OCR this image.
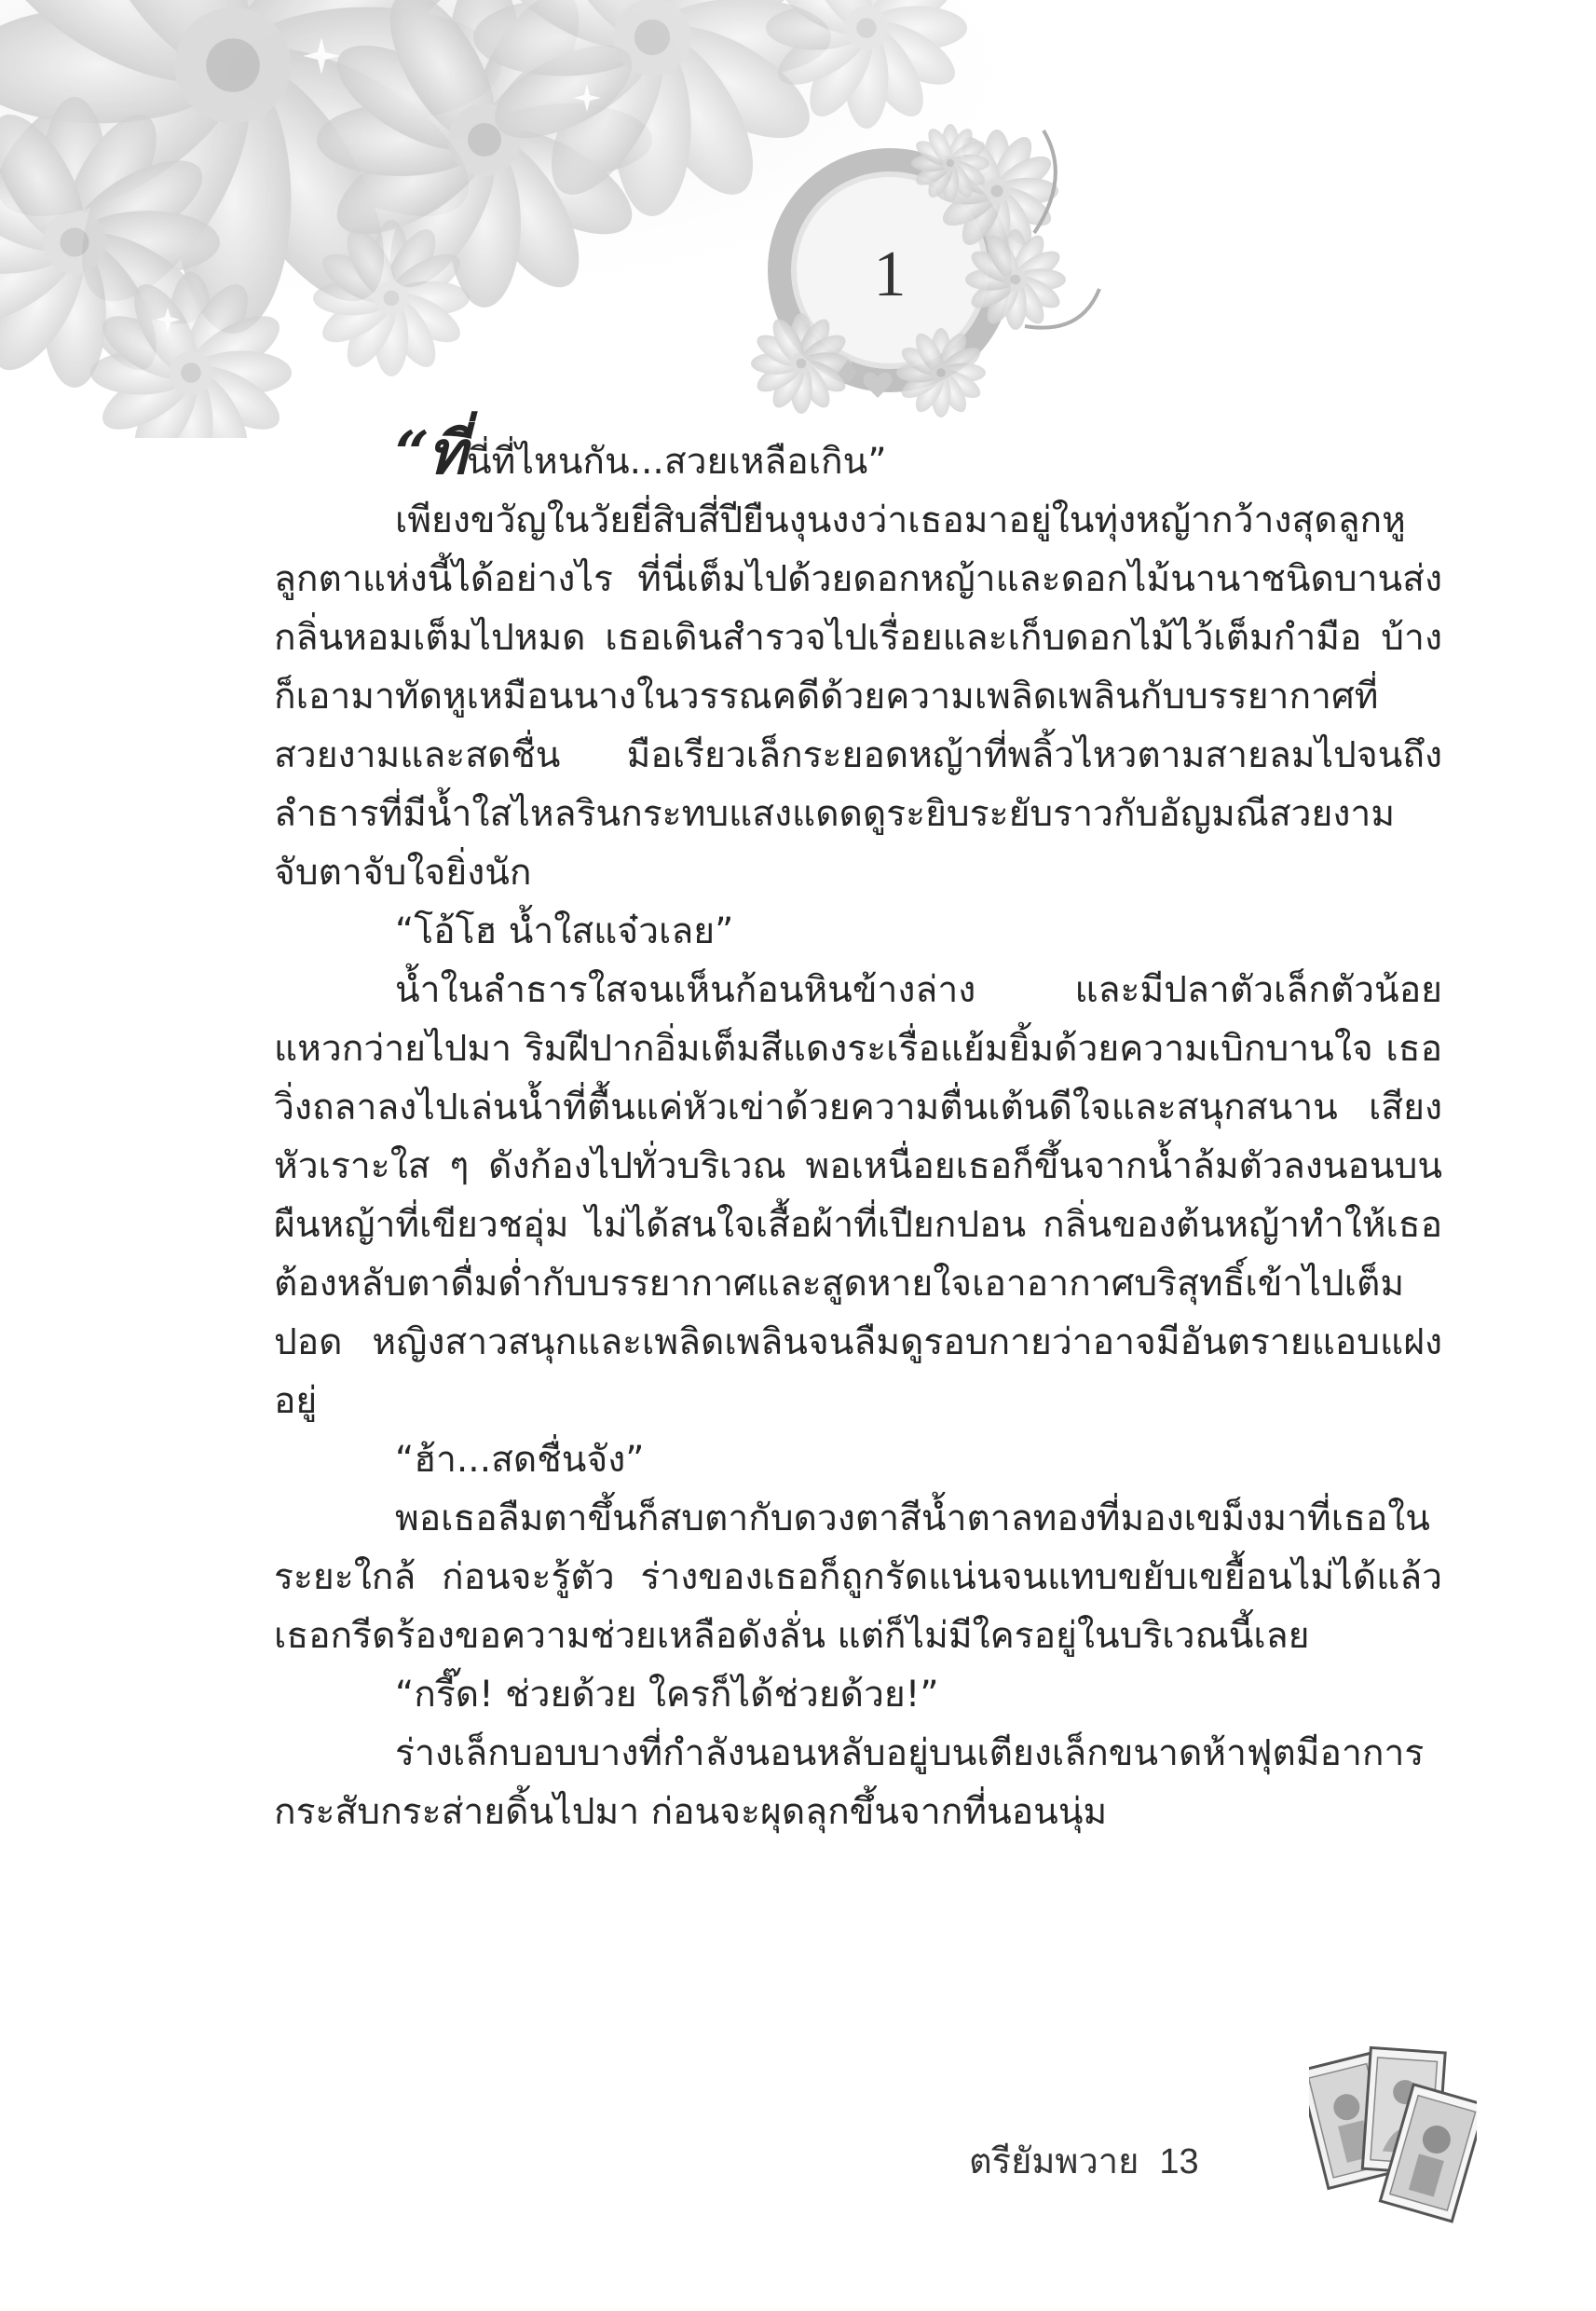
1

“ที่นี่ที่ไหนกัน...สวยเหลือเกิน”

เพียงขวัญในวัยยี่สิบสี่ปียืนงุนงงว่าเธอมาอยู่ในทุ่งหญ้ากว้างสุดลูกหูลูกตาแห่งนี้ได้อย่างไร ที่นี่เต็มไปด้วยดอกหญ้าและดอกไม้นานาชนิดบานส่งกลิ่นหอมเต็มไปหมด เธอเดินสำรวจไปเรื่อยและเก็บดอกไม้ไว้เต็มกำมือ บ้างก็เอามาทัดหูเหมือนนางในวรรณคดีด้วยความเพลิดเพลินกับบรรยากาศที่สวยงามและสดชื่น มือเรียวเล็กระยอดหญ้าที่พลิ้วไหวตามสายลมไปจนถึงลำธารที่มีน้ำใสไหลรินกระทบแสงแดดดูระยิบระยับราวกับอัญมณีสวยงามจับตาจับใจยิ่งนัก

“โอ้โฮ น้ำใสแจ๋วเลย”

น้ำในลำธารใสจนเห็นก้อนหินข้างล่าง และมีปลาตัวเล็กตัวน้อยแหวกว่ายไปมา ริมฝีปากอิ่มเต็มสีแดงระเรื่อแย้มยิ้มด้วยความเบิกบานใจ เธอวิ่งถลาลงไปเล่นน้ำที่ตื้นแค่หัวเข่าด้วยความตื่นเต้นดีใจและสนุกสนาน เสียงหัวเราะใส ๆ ดังก้องไปทั่วบริเวณ พอเหนื่อยเธอก็ขึ้นจากน้ำล้มตัวลงนอนบนผืนหญ้าที่เขียวชอุ่ม ไม่ได้สนใจเสื้อผ้าที่เปียกปอน กลิ่นของต้นหญ้าทำให้เธอต้องหลับตาดื่มด่ำกับบรรยากาศและสูดหายใจเอาอากาศบริสุทธิ์เข้าไปเต็มปอด หญิงสาวสนุกและเพลิดเพลินจนลืมดูรอบกายว่าอาจมีอันตรายแอบแฝงอยู่

“ฮ้า...สดชื่นจัง”

พอเธอลืมตาขึ้นก็สบตากับดวงตาสีน้ำตาลทองที่มองเขม็งมาที่เธอในระยะใกล้ ก่อนจะรู้ตัว ร่างของเธอก็ถูกรัดแน่นจนแทบขยับเขยื้อนไม่ได้แล้ว เธอกรีดร้องขอความช่วยเหลือดังลั่น แต่ก็ไม่มีใครอยู่ในบริเวณนี้เลย

“กรี๊ด! ช่วยด้วย ใครก็ได้ช่วยด้วย!”

ร่างเล็กบอบบางที่กำลังนอนหลับอยู่บนเตียงเล็กขนาดห้าฟุตมีอาการกระสับกระส่ายดิ้นไปมา ก่อนจะผุดลุกขึ้นจากที่นอนนุ่ม

ตรียัมพวาย 13
